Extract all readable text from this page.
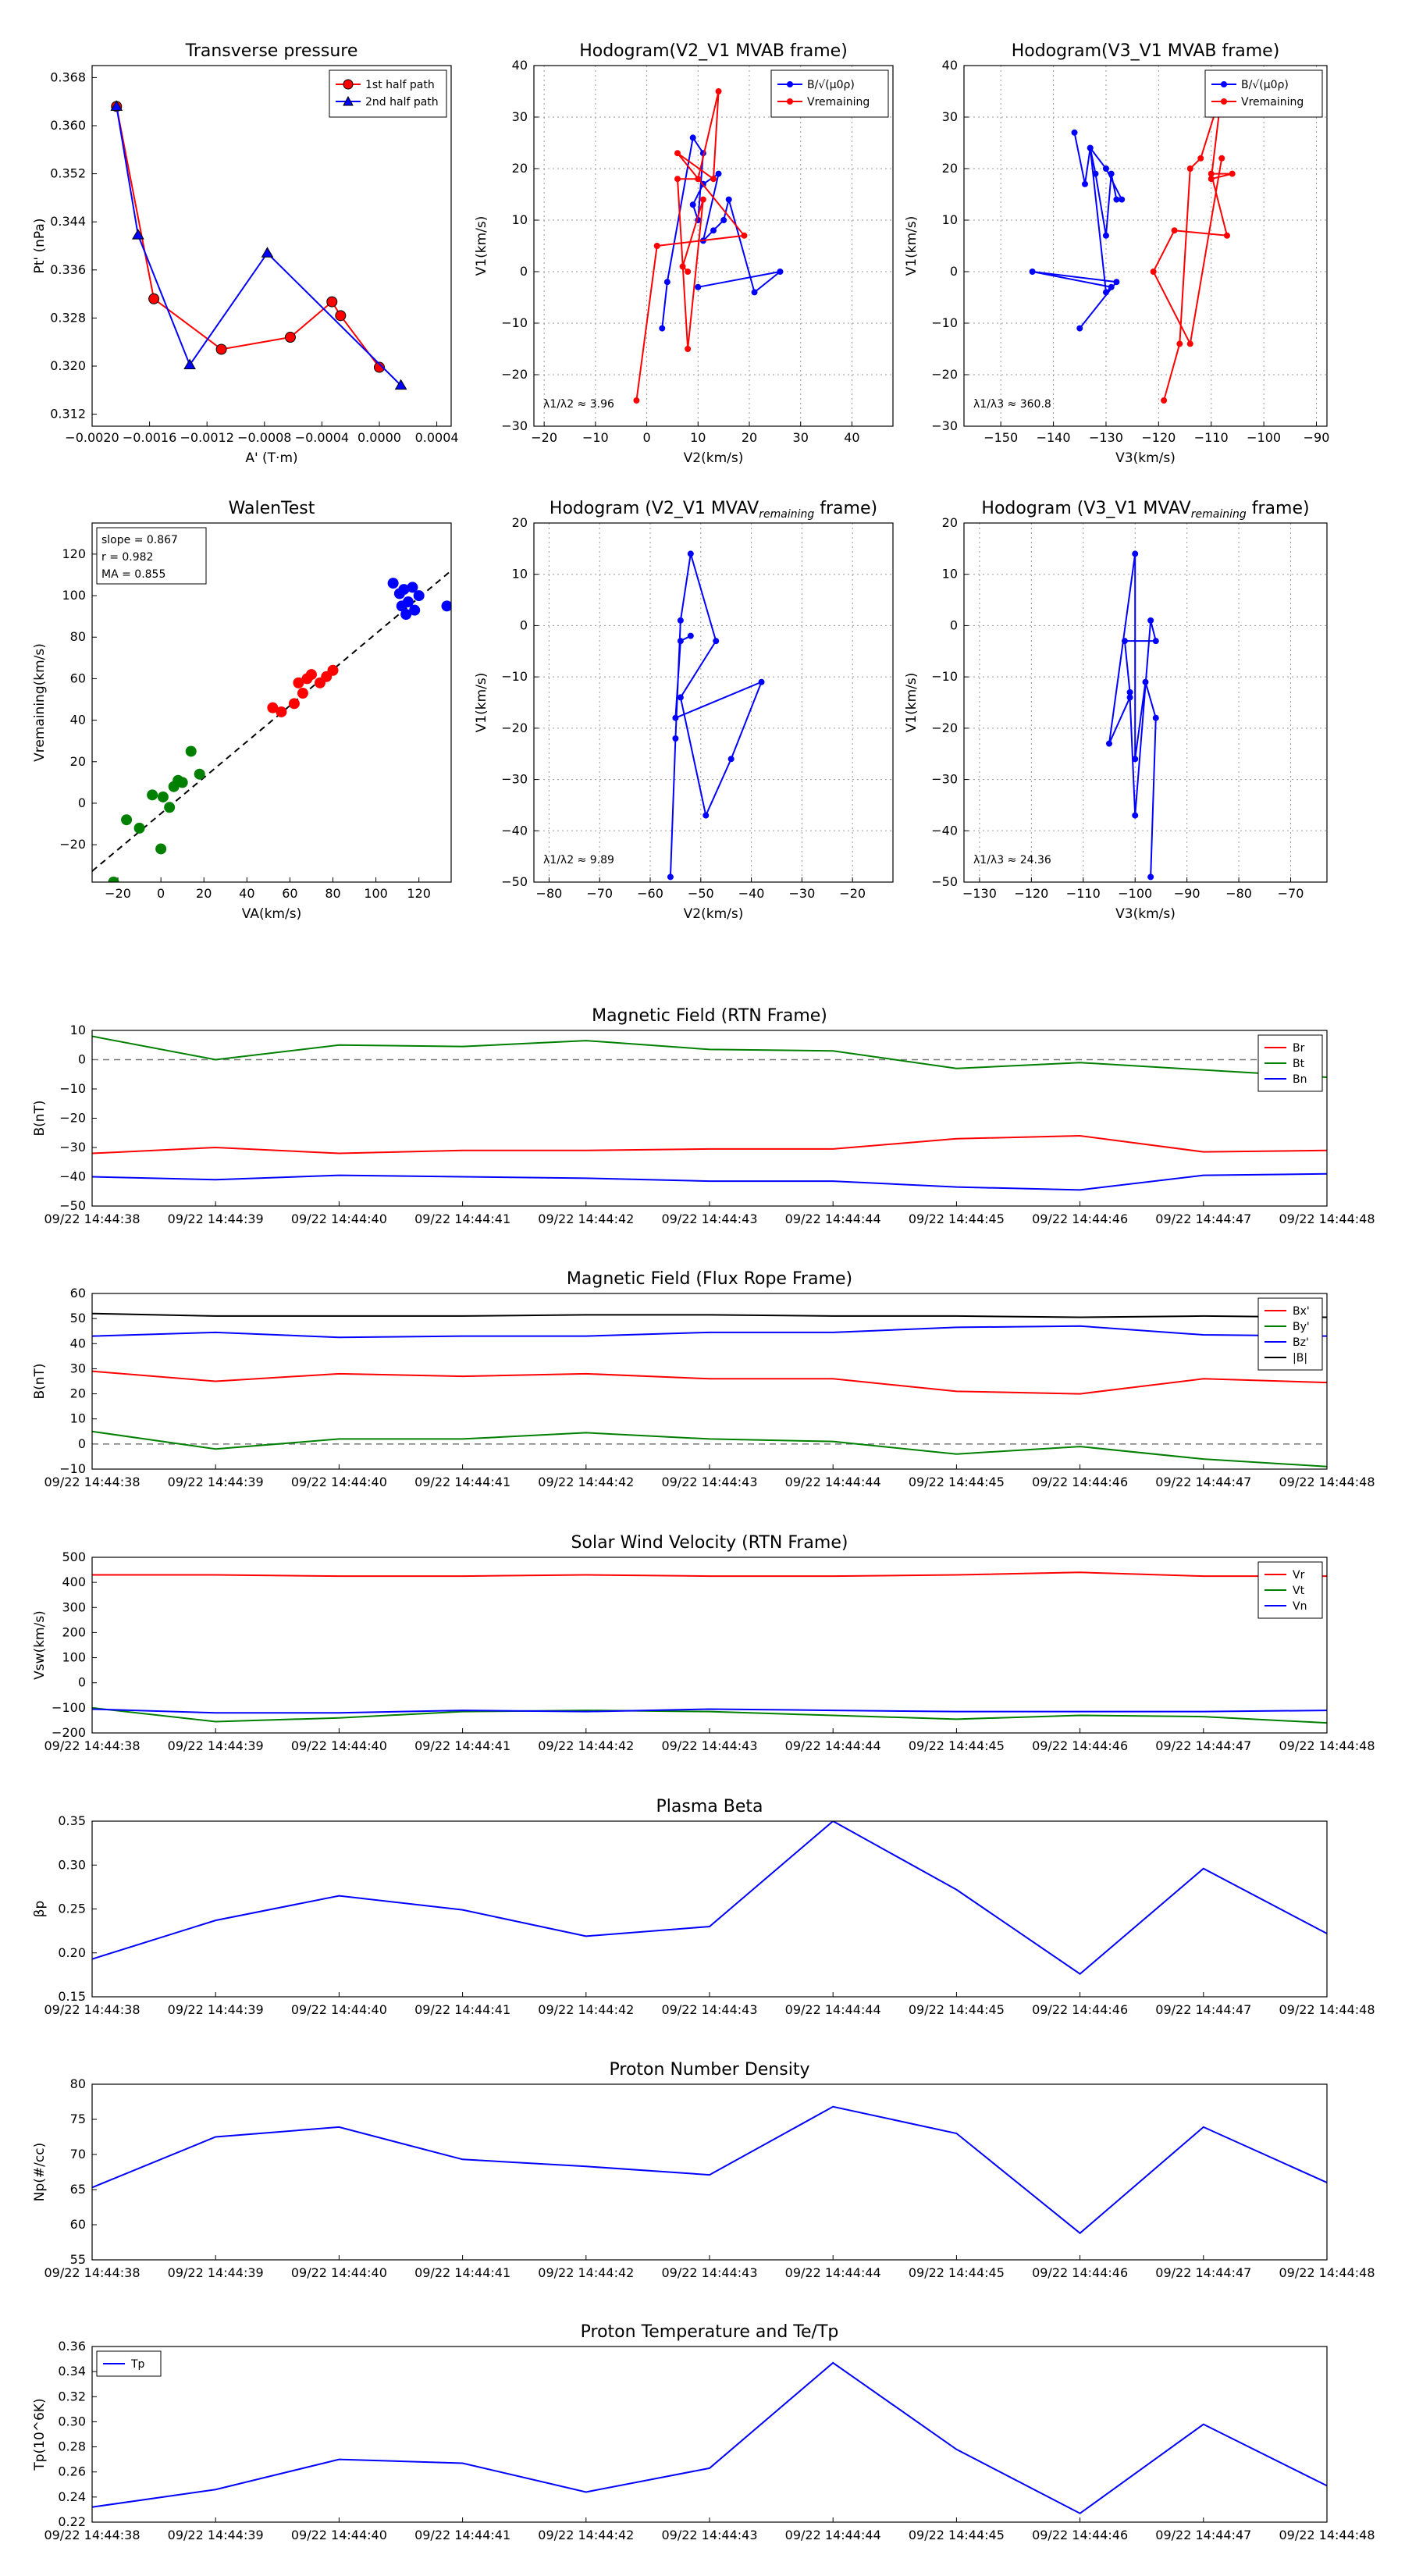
−0.0020 −0.0016 −0.0012 −0.0008 −0.0004 0.0000 0.0004
0.312
0.320
0.328
0.336
0.344
0.352
0.360
0.368
Transverse pressure
Pt' (nPa)
A' (T·m)
1st half path
2nd half path
−20 −10	0	10	20	30	40
−30
−20
−10
0
10
20
30
40
Hodogram(V2_V1 MVAB frame)
V1(km/s)
V2(km/s)
λ1/λ2 ≈ 3.96
B/√(μ0ρ)
Vremaining
−150 −140 −130 −120 −110 −100 −90
−30
−20
−10
0
10
20
30
40
Hodogram(V3_V1 MVAB frame)
V1(km/s)
V3(km/s)
λ1/λ3 ≈ 360.8
B/√(μ0ρ)
Vremaining
−20 0 20 40 60 80 100 120
−20
0
20
40
60
80
100
120
WalenTest
Vremaining(km/s)
VA(km/s)
slope = 0.867
r = 0.982
MA = 0.855
−80 −70 −60 −50 −40 −30 −20
−50
−40
−30
−20
−10
0
10
20
Hodogram (V2_V1 $MVAV_{remaining}$ frame)
V1(km/s)
V2(km/s)
λ1/λ2 ≈ 9.89
−130 −120 −110 −100 −90 −80 −70
−50
−40
−30
−20
−10
0
10
20
Hodogram (V3_V1 $MVAV_{remaining}$ frame)
V1(km/s)
V3(km/s)
λ1/λ3 ≈ 24.36
09/22 14:44:38 09/22 14:44:39 09/22 14:44:40 09/22 14:44:41 09/22 14:44:42 09/22 14:44:43 09/22 14:44:44 09/22 14:44:45 09/22 14:44:46 09/22 14:44:47 09/22 14:44:48
−50
−40
−30
−20
−10
0
10
Magnetic Field (RTN Frame)
B(nT)
Br
Bt
Bn
09/22 14:44:38 09/22 14:44:39 09/22 14:44:40 09/22 14:44:41 09/22 14:44:42 09/22 14:44:43 09/22 14:44:44 09/22 14:44:45 09/22 14:44:46 09/22 14:44:47 09/22 14:44:48
−10
0
10
20
30
40
50
60
Magnetic Field (Flux Rope Frame)
B(nT)
Bx'
By'
Bz'
|B|
09/22 14:44:38 09/22 14:44:39 09/22 14:44:40 09/22 14:44:41 09/22 14:44:42 09/22 14:44:43 09/22 14:44:44 09/22 14:44:45 09/22 14:44:46 09/22 14:44:47 09/22 14:44:48
−200
−100
0
100
200
300
400
500
Solar Wind Velocity (RTN Frame)
Vsw(km/s)
Vr
Vt
Vn
09/22 14:44:38 09/22 14:44:39 09/22 14:44:40 09/22 14:44:41 09/22 14:44:42 09/22 14:44:43 09/22 14:44:44 09/22 14:44:45 09/22 14:44:46 09/22 14:44:47 09/22 14:44:48
0.15
0.20
0.25
0.30
0.35
Plasma Beta
βp
09/22 14:44:38 09/22 14:44:39 09/22 14:44:40 09/22 14:44:41 09/22 14:44:42 09/22 14:44:43 09/22 14:44:44 09/22 14:44:45 09/22 14:44:46 09/22 14:44:47 09/22 14:44:48
55
60
65
70
75
80
Proton Number Density
Np(#/cc)
09/22 14:44:38 09/22 14:44:39 09/22 14:44:40 09/22 14:44:41 09/22 14:44:42 09/22 14:44:43 09/22 14:44:44 09/22 14:44:45 09/22 14:44:46 09/22 14:44:47 09/22 14:44:48
0.22
0.24
0.26
0.28
0.30
0.32
0.34
0.36
Proton Temperature and Te/Tp
Tp(10^6K)
Tp
